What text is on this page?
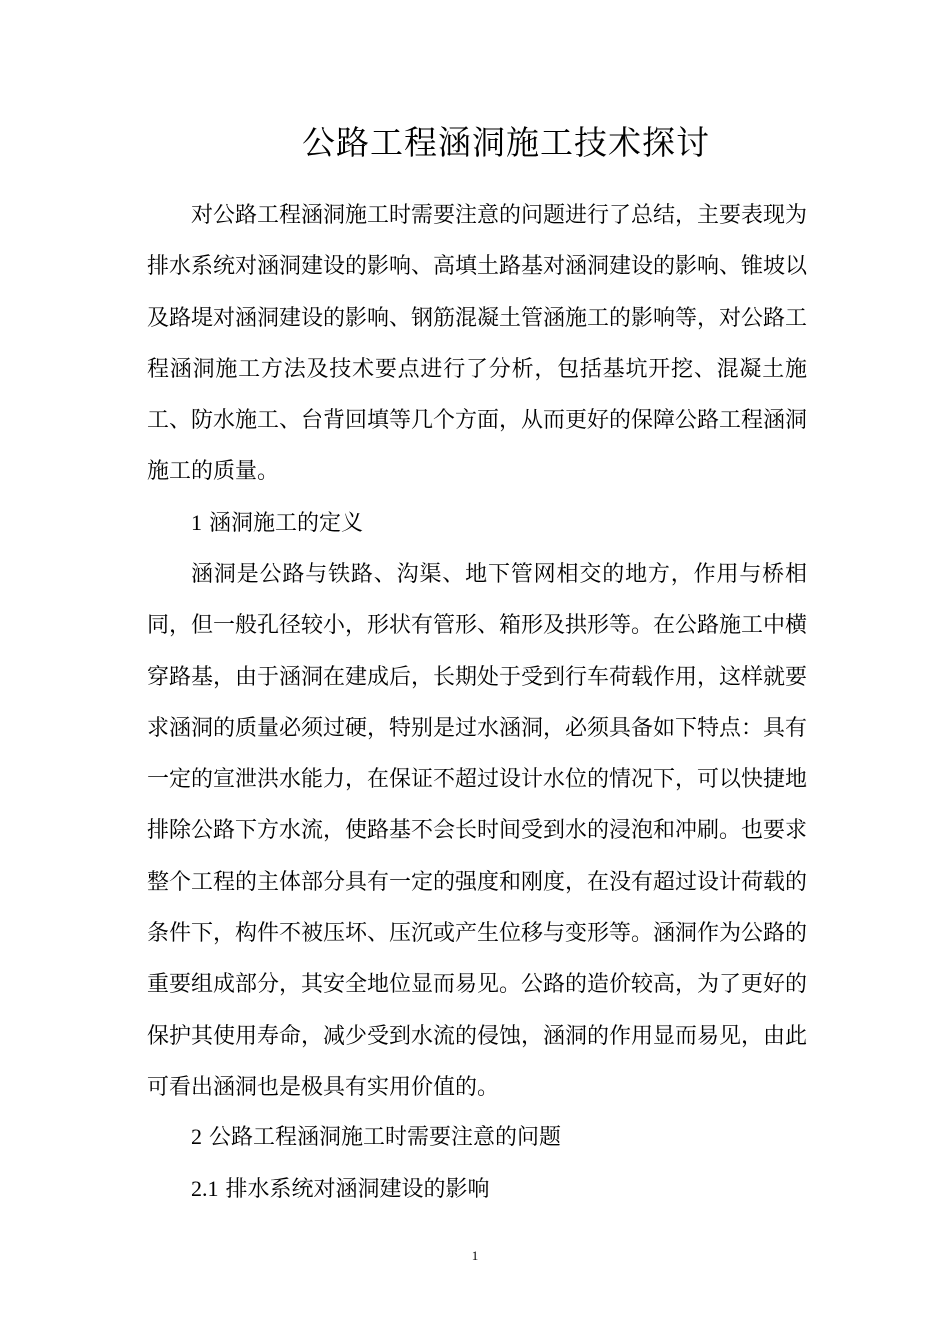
公路工程涵洞施工技术探讨

对公路工程涵洞施工时需要注意的问题进行了总结，主要表现为排水系统对涵洞建设的影响、高填土路基对涵洞建设的影响、锥坡以及路堤对涵洞建设的影响、钢筋混凝土管涵施工的影响等，对公路工程涵洞施工方法及技术要点进行了分析，包括基坑开挖、混凝土施工、防水施工、台背回填等几个方面，从而更好的保障公路工程涵洞施工的质量。

1 涵洞施工的定义

涵洞是公路与铁路、沟渠、地下管网相交的地方，作用与桥相同，但一般孔径较小，形状有管形、箱形及拱形等。在公路施工中横穿路基，由于涵洞在建成后，长期处于受到行车荷载作用，这样就要求涵洞的质量必须过硬，特别是过水涵洞，必须具备如下特点：具有一定的宣泄洪水能力，在保证不超过设计水位的情况下，可以快捷地排除公路下方水流，使路基不会长时间受到水的浸泡和冲刷。也要求整个工程的主体部分具有一定的强度和刚度，在没有超过设计荷载的条件下，构件不被压坏、压沉或产生位移与变形等。涵洞作为公路的重要组成部分，其安全地位显而易见。公路的造价较高，为了更好的保护其使用寿命，减少受到水流的侵蚀，涵洞的作用显而易见，由此可看出涵洞也是极具有实用价值的。

2 公路工程涵洞施工时需要注意的问题

2.1 排水系统对涵洞建设的影响

1
